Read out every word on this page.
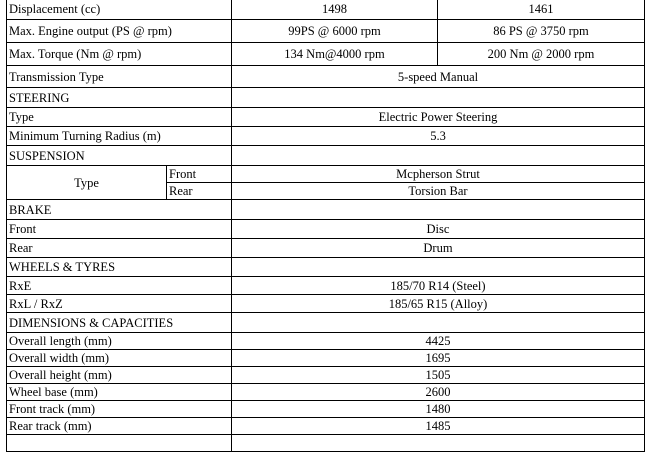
Displacement (cc)		1498	1461
Max. Engine output (PS @ rpm)		99PS @ 6000 rpm	86 PS @ 3750 rpm
Max. Torque (Nm @ rpm)		134 Nm@4000 rpm	200 Nm @ 2000 rpm
Transmission Type		5-speed Manual	
STEERING			
Type		Electric Power Steering	
Minimum Turning Radius (m)		5.3	
SUSPENSION			
Type	Front	Mcpherson Strut	
	Rear	Torsion Bar	
BRAKE			
Front		Disc	
Rear		Drum	
WHEELS & TYRES			
RxE		185/70 R14 (Steel)	
RxL / RxZ		185/65 R15 (Alloy)	
DIMENSIONS & CAPACITIES			
Overall length (mm)		4425	
Overall width (mm)		1695	
Overall height (mm)		1505	
Wheel base (mm)		2600	
Front track (mm)		1480	
Rear track (mm)		1485	
